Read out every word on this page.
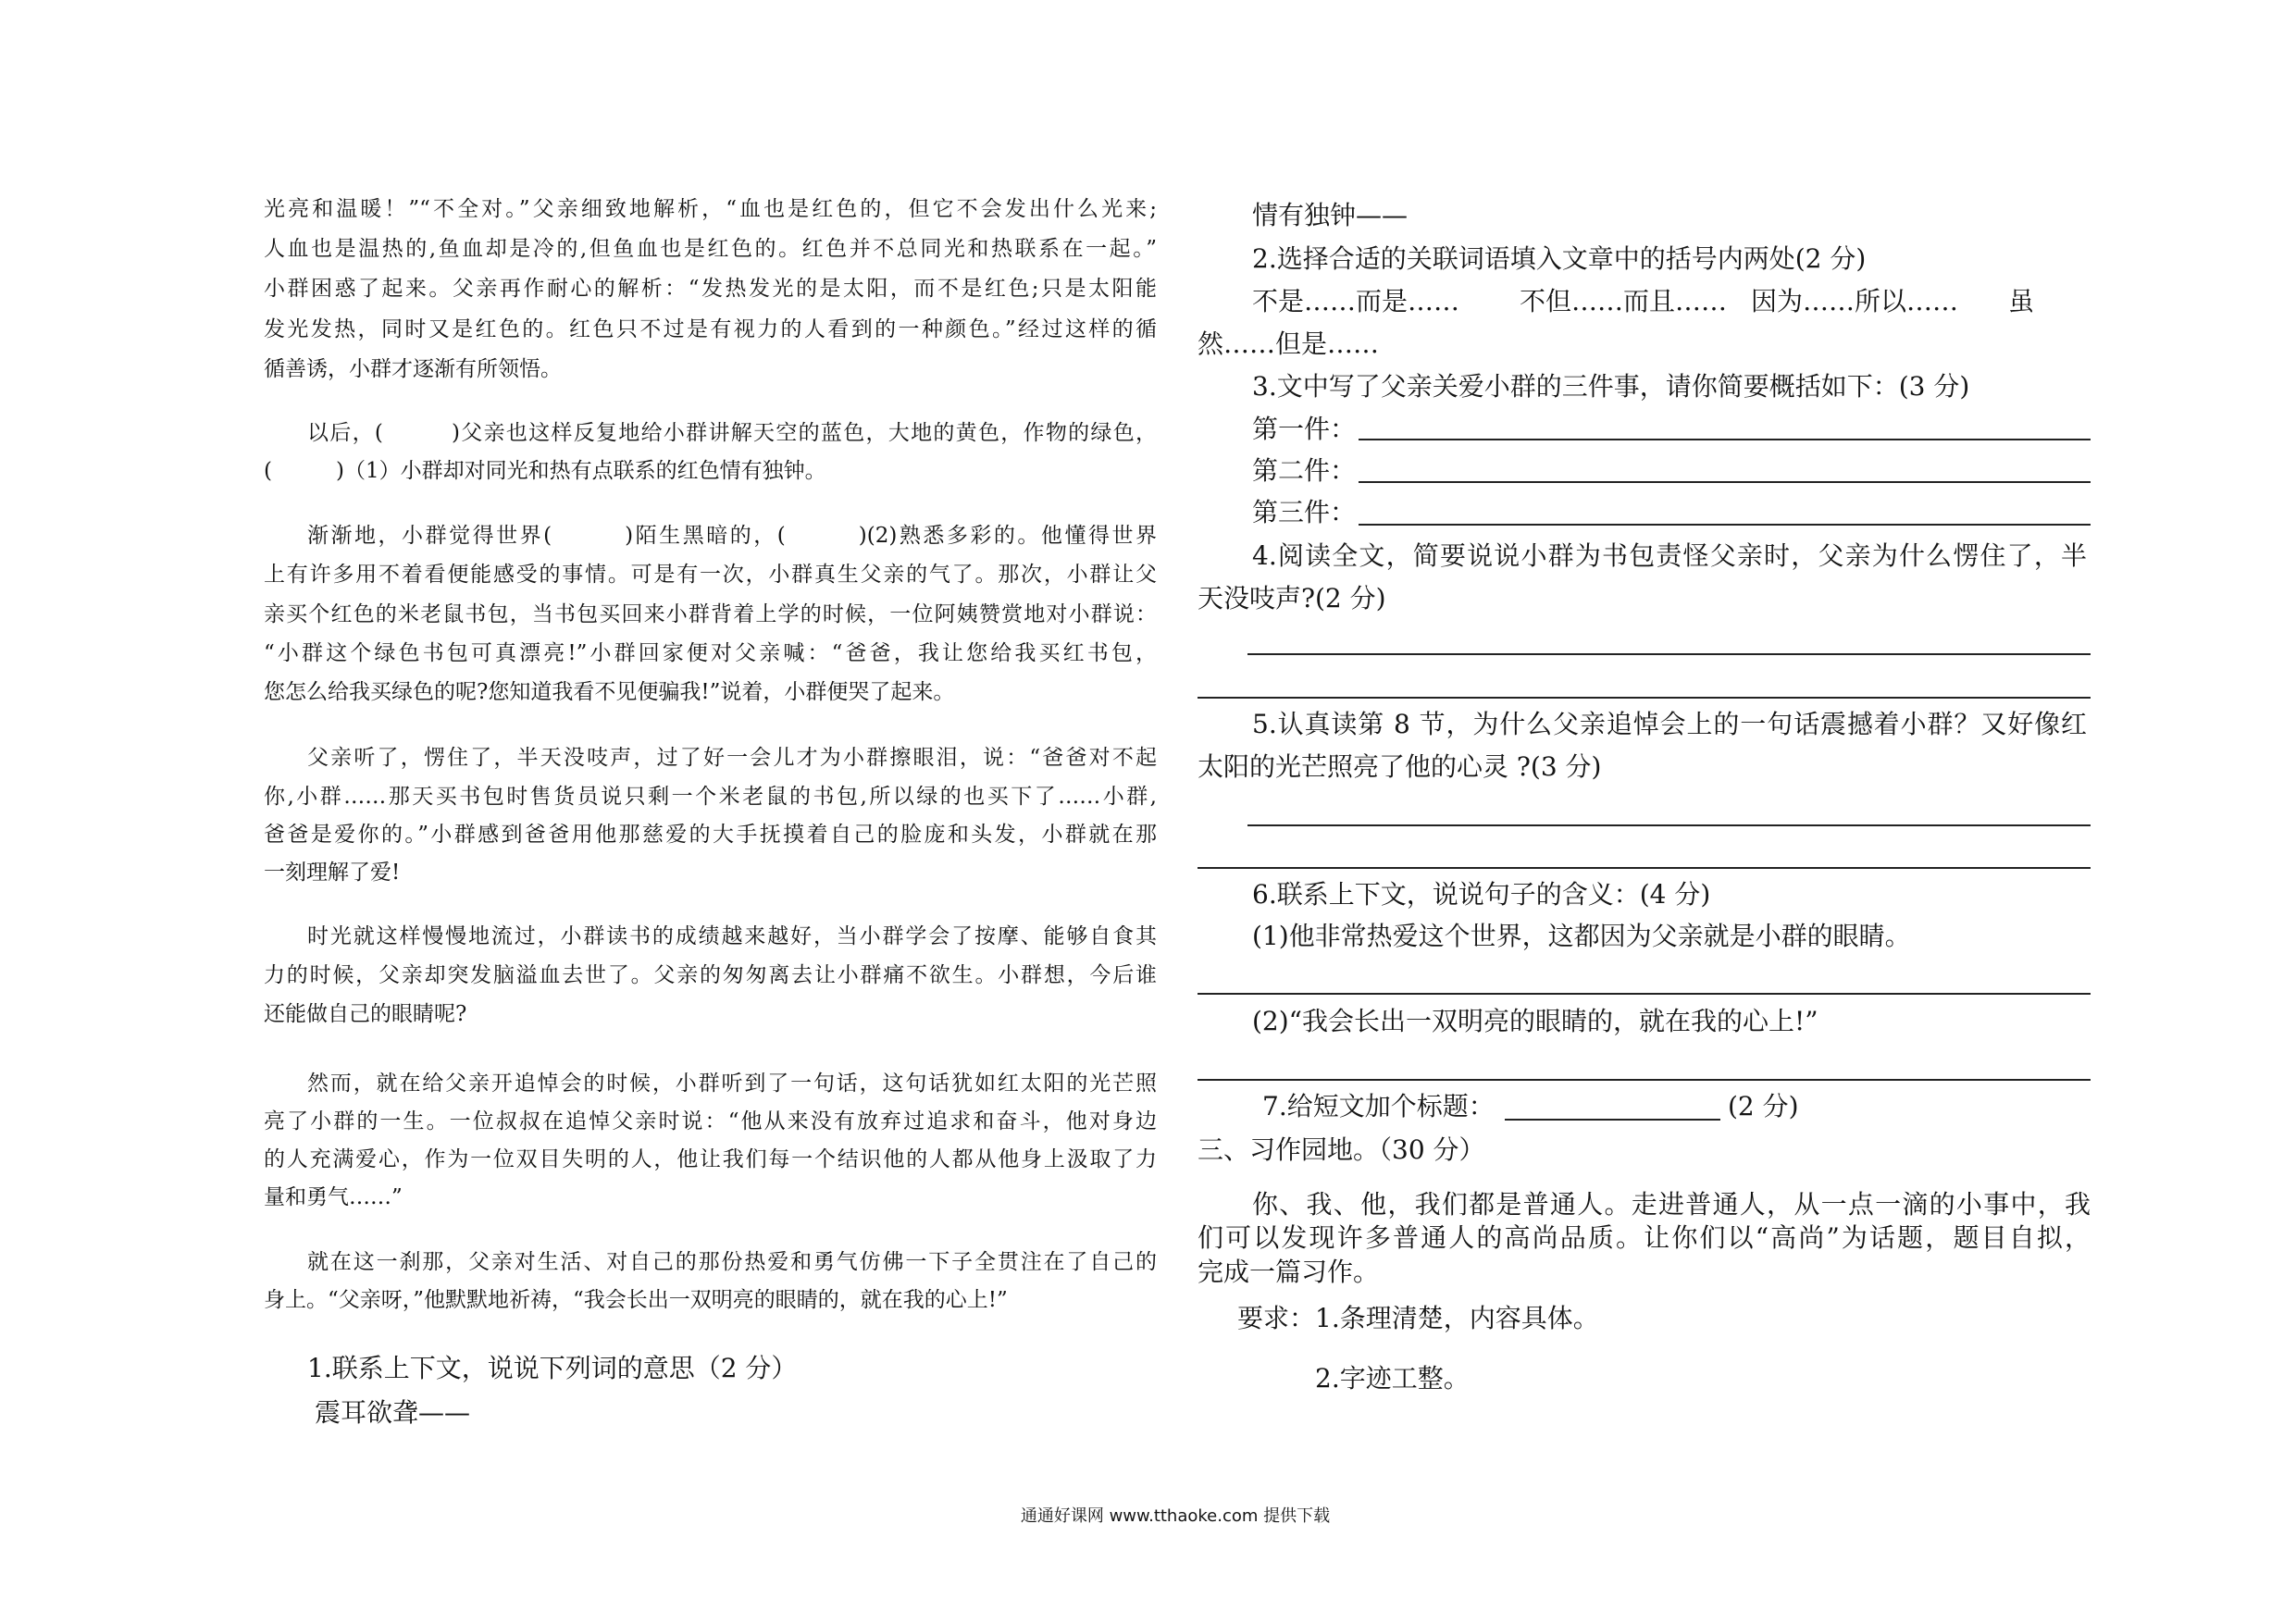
光亮和温暖！”“不全对。”父亲细致地解析，“血也是红色的，但它不会发出什么光来;
人血也是温热的,鱼血却是冷的,但鱼血也是红色的。红色并不总同光和热联系在一起。”
小群困惑了起来。父亲再作耐心的解析：“发热发光的是太阳，而不是红色;只是太阳能
发光发热，同时又是红色的。红色只不过是有视力的人看到的一种颜色。”经过这样的循
循善诱，小群才逐渐有所领悟。
以后，(　　　)父亲也这样反复地给小群讲解天空的蓝色，大地的黄色，作物的绿色，
(　　　)（1）小群却对同光和热有点联系的红色情有独钟。
渐渐地，小群觉得世界(　　　)陌生黑暗的，(　　　)(2)熟悉多彩的。他懂得世界
上有许多用不着看便能感受的事情。可是有一次，小群真生父亲的气了。那次，小群让父
亲买个红色的米老鼠书包，当书包买回来小群背着上学的时候，一位阿姨赞赏地对小群说：
“小群这个绿色书包可真漂亮!”小群回家便对父亲喊：“爸爸，我让您给我买红书包，
您怎么给我买绿色的呢?您知道我看不见便骗我!”说着，小群便哭了起来。
父亲听了，愣住了，半天没吱声，过了好一会儿才为小群擦眼泪，说：“爸爸对不起
你,小群……那天买书包时售货员说只剩一个米老鼠的书包,所以绿的也买下了……小群,
爸爸是爱你的。”小群感到爸爸用他那慈爱的大手抚摸着自己的脸庞和头发，小群就在那
一刻理解了爱!
时光就这样慢慢地流过，小群读书的成绩越来越好，当小群学会了按摩、能够自食其
力的时候，父亲却突发脑溢血去世了。父亲的匆匆离去让小群痛不欲生。小群想，今后谁
还能做自己的眼睛呢?
然而，就在给父亲开追悼会的时候，小群听到了一句话，这句话犹如红太阳的光芒照
亮了小群的一生。一位叔叔在追悼父亲时说：“他从来没有放弃过追求和奋斗，他对身边
的人充满爱心，作为一位双目失明的人，他让我们每一个结识他的人都从他身上汲取了力
量和勇气……”
就在这一刹那，父亲对生活、对自己的那份热爱和勇气仿佛一下子全贯注在了自己的
身上。“父亲呀，”他默默地祈祷，“我会长出一双明亮的眼睛的，就在我的心上!”
1.联系上下文，说说下列词的意思（2 分）
震耳欲聋——
情有独钟——
2.选择合适的关联词语填入文章中的括号内两处(2 分)
不是……而是…… 不但……而且…… 因为……所以…… 虽
然……但是……
3.文中写了父亲关爱小群的三件事，请你简要概括如下：(3 分)
第一件：
第二件：
第三件：
4.阅读全文，简要说说小群为书包责怪父亲时，父亲为什么愣住了，半
天没吱声?(2 分)
5.认真读第 8 节，为什么父亲追悼会上的一句话震撼着小群？又好像红
太阳的光芒照亮了他的心灵 ?(3 分)
6.联系上下文，说说句子的含义：(4 分)
(1)他非常热爱这个世界，这都因为父亲就是小群的眼睛。
(2)“我会长出一双明亮的眼睛的，就在我的心上!”
7.给短文加个标题：	(2 分)
三、习作园地。（30 分）
你、我、他，我们都是普通人。走进普通人，从一点一滴的小事中，我
们可以发现许多普通人的高尚品质。让你们以“高尚”为话题，题目自拟，
完成一篇习作。
要求：1.条理清楚，内容具体。
2.字迹工整。
通通好课网 www.tthaoke.com 提供下载
